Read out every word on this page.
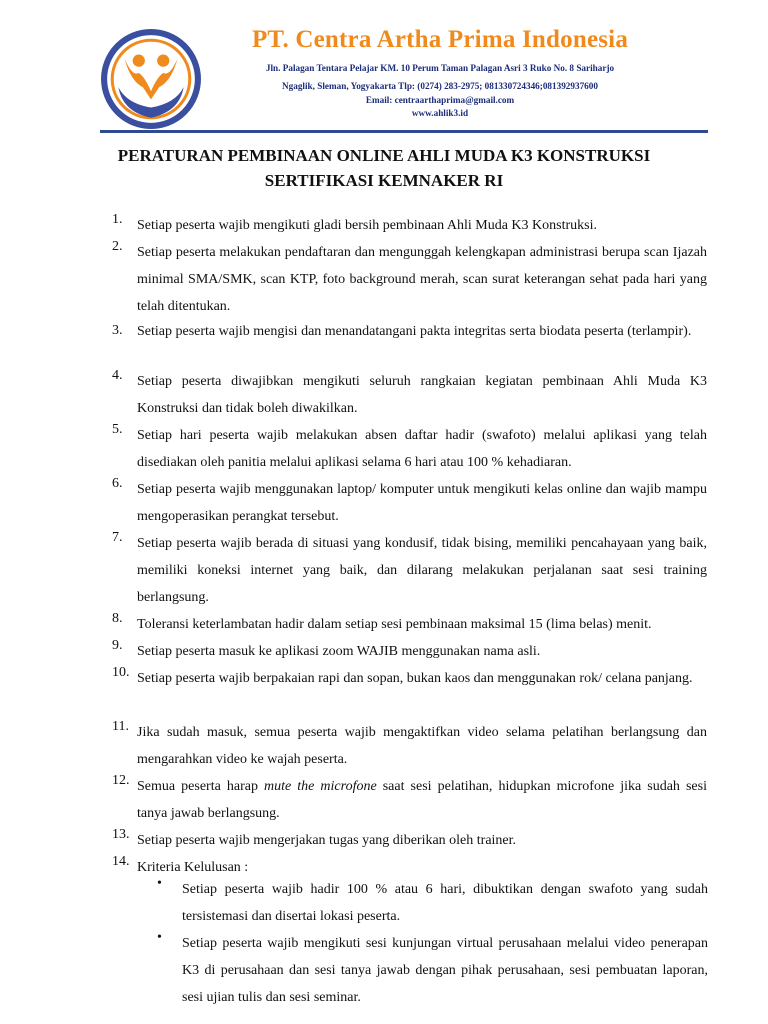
PT. Centra Artha Prima Indonesia
Jln. Palagan Tentara Pelajar KM. 10 Perum Taman Palagan Asri 3 Ruko No. 8 Sariharjo
Ngaglik, Sleman, Yogyakarta Tlp: (0274) 283-2975; 081330724346;081392937600
Email: centraarthaprima@gmail.com
www.ahlik3.id
PERATURAN PEMBINAAN ONLINE AHLI MUDA K3 KONSTRUKSI
SERTIFIKASI KEMNAKER RI
1.	Setiap peserta wajib mengikuti gladi bersih pembinaan Ahli Muda K3 Konstruksi.
2.	Setiap peserta melakukan pendaftaran dan mengunggah kelengkapan administrasi berupa scan Ijazah minimal SMA/SMK, scan KTP, foto background merah, scan surat keterangan sehat pada hari yang telah ditentukan.
3.	Setiap peserta wajib mengisi dan menandatangani pakta integritas serta biodata peserta (terlampir).
4.	Setiap peserta diwajibkan mengikuti seluruh rangkaian kegiatan pembinaan Ahli Muda K3 Konstruksi dan tidak boleh diwakilkan.
5.	Setiap hari peserta wajib melakukan absen daftar hadir (swafoto) melalui aplikasi yang telah disediakan oleh panitia melalui aplikasi selama 6 hari atau 100 % kehadiaran.
6.	Setiap peserta wajib menggunakan laptop/ komputer untuk mengikuti kelas online dan wajib mampu mengoperasikan perangkat tersebut.
7.	Setiap peserta wajib berada di situasi yang kondusif, tidak bising, memiliki pencahayaan yang baik, memiliki koneksi internet yang baik, dan dilarang melakukan perjalanan saat sesi training berlangsung.
8.	Toleransi keterlambatan hadir dalam setiap sesi pembinaan maksimal 15 (lima belas) menit.
9.	Setiap peserta masuk ke aplikasi zoom WAJIB menggunakan nama asli.
10. Setiap peserta wajib berpakaian rapi dan sopan, bukan kaos dan menggunakan rok/ celana panjang.
11. Jika sudah masuk, semua peserta wajib mengaktifkan video selama pelatihan berlangsung dan mengarahkan video ke wajah peserta.
12. Semua peserta harap mute the microfone saat sesi pelatihan, hidupkan microfone jika sudah sesi tanya jawab berlangsung.
13. Setiap peserta wajib mengerjakan tugas yang diberikan oleh trainer.
14. Kriteria Kelulusan :
•	Setiap peserta wajib hadir 100 % atau 6 hari, dibuktikan dengan swafoto yang sudah tersistemasi dan disertai lokasi peserta.
•	Setiap peserta wajib mengikuti sesi kunjungan virtual perusahaan melalui video penerapan K3 di perusahaan dan sesi tanya jawab dengan pihak perusahaan, sesi pembuatan laporan, sesi ujian tulis dan sesi seminar.
